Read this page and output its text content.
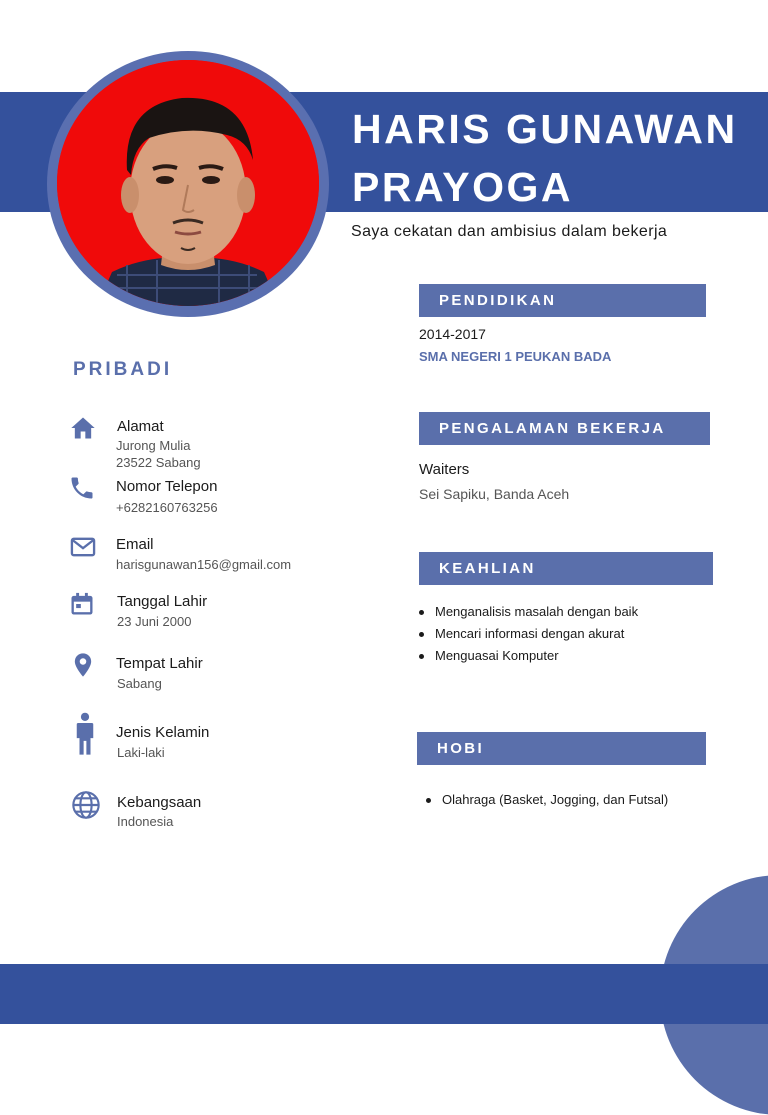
HARIS GUNAWAN
PRAYOGA
Saya cekatan dan ambisius dalam bekerja
PRIBADI
Alamat
Jurong Mulia
23522 Sabang
Nomor Telepon
+6282160763256
Email
harisgunawan156@gmail.com
Tanggal Lahir
23 Juni 2000
Tempat Lahir
Sabang
Jenis Kelamin
Laki-laki
Kebangsaan
Indonesia
PENDIDIKAN
2014-2017
SMA NEGERI 1 PEUKAN BADA
PENGALAMAN BEKERJA
Waiters
Sei Sapiku, Banda Aceh
KEAHLIAN
Menganalisis masalah dengan baik
Mencari informasi dengan akurat
Menguasai Komputer
HOBI
Olahraga (Basket, Jogging, dan Futsal)
